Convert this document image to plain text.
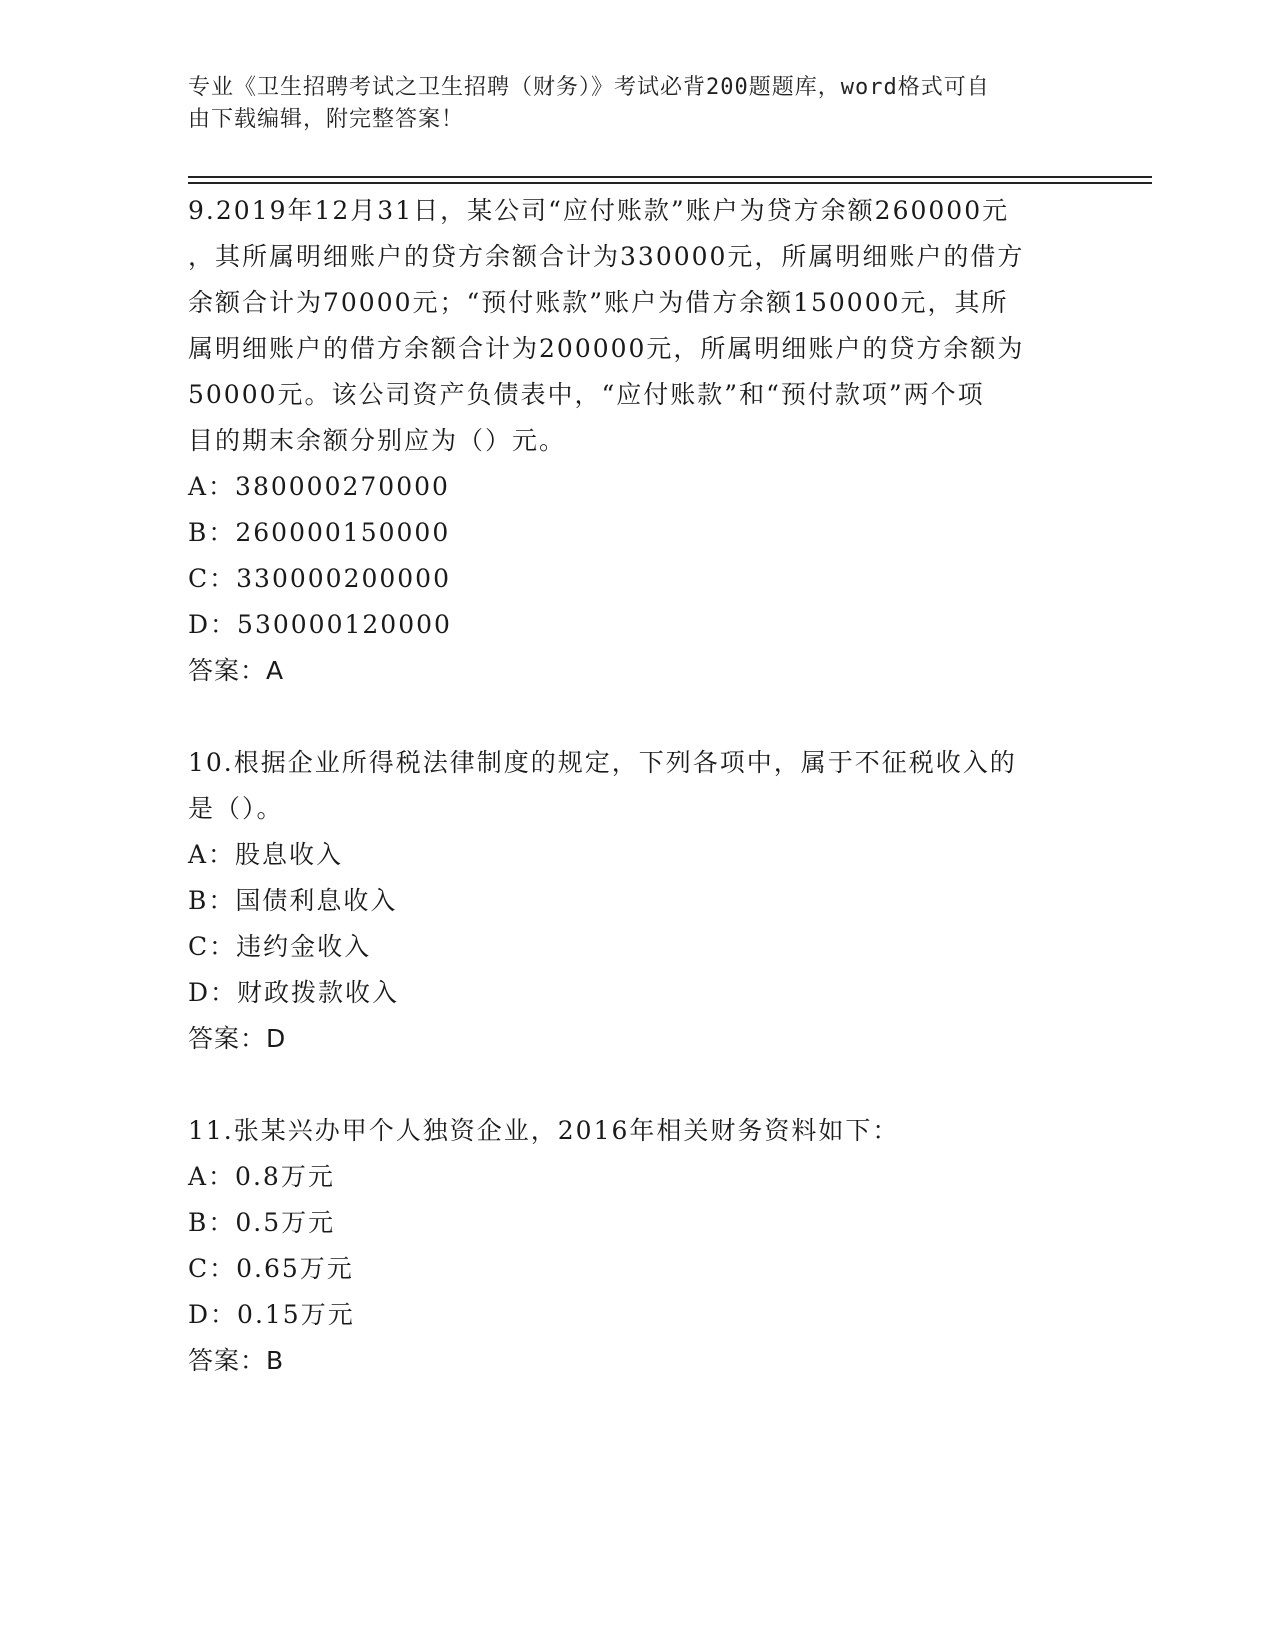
专业《卫生招聘考试之卫生招聘（财务）》考试必背200题题库，word格式可自
由下载编辑，附完整答案！

9.2019年12月31日，某公司“应付账款”账户为贷方余额260000元

，其所属明细账户的贷方余额合计为330000元，所属明细账户的借方

余额合计为70000元；“预付账款”账户为借方余额150000元，其所

属明细账户的借方余额合计为200000元，所属明细账户的贷方余额为

50000元。该公司资产负债表中，“应付账款”和“预付款项”两个项

目的期末余额分别应为（）元。

A：380000270000

B：260000150000

C：330000200000

D：530000120000

答案：A

10.根据企业所得税法律制度的规定，下列各项中，属于不征税收入的

是（）。

A：股息收入

B：国债利息收入

C：违约金收入

D：财政拨款收入

答案：D

11.张某兴办甲个人独资企业，2016年相关财务资料如下：

A：0.8万元

B：0.5万元

C：0.65万元

D：0.15万元

答案：B
